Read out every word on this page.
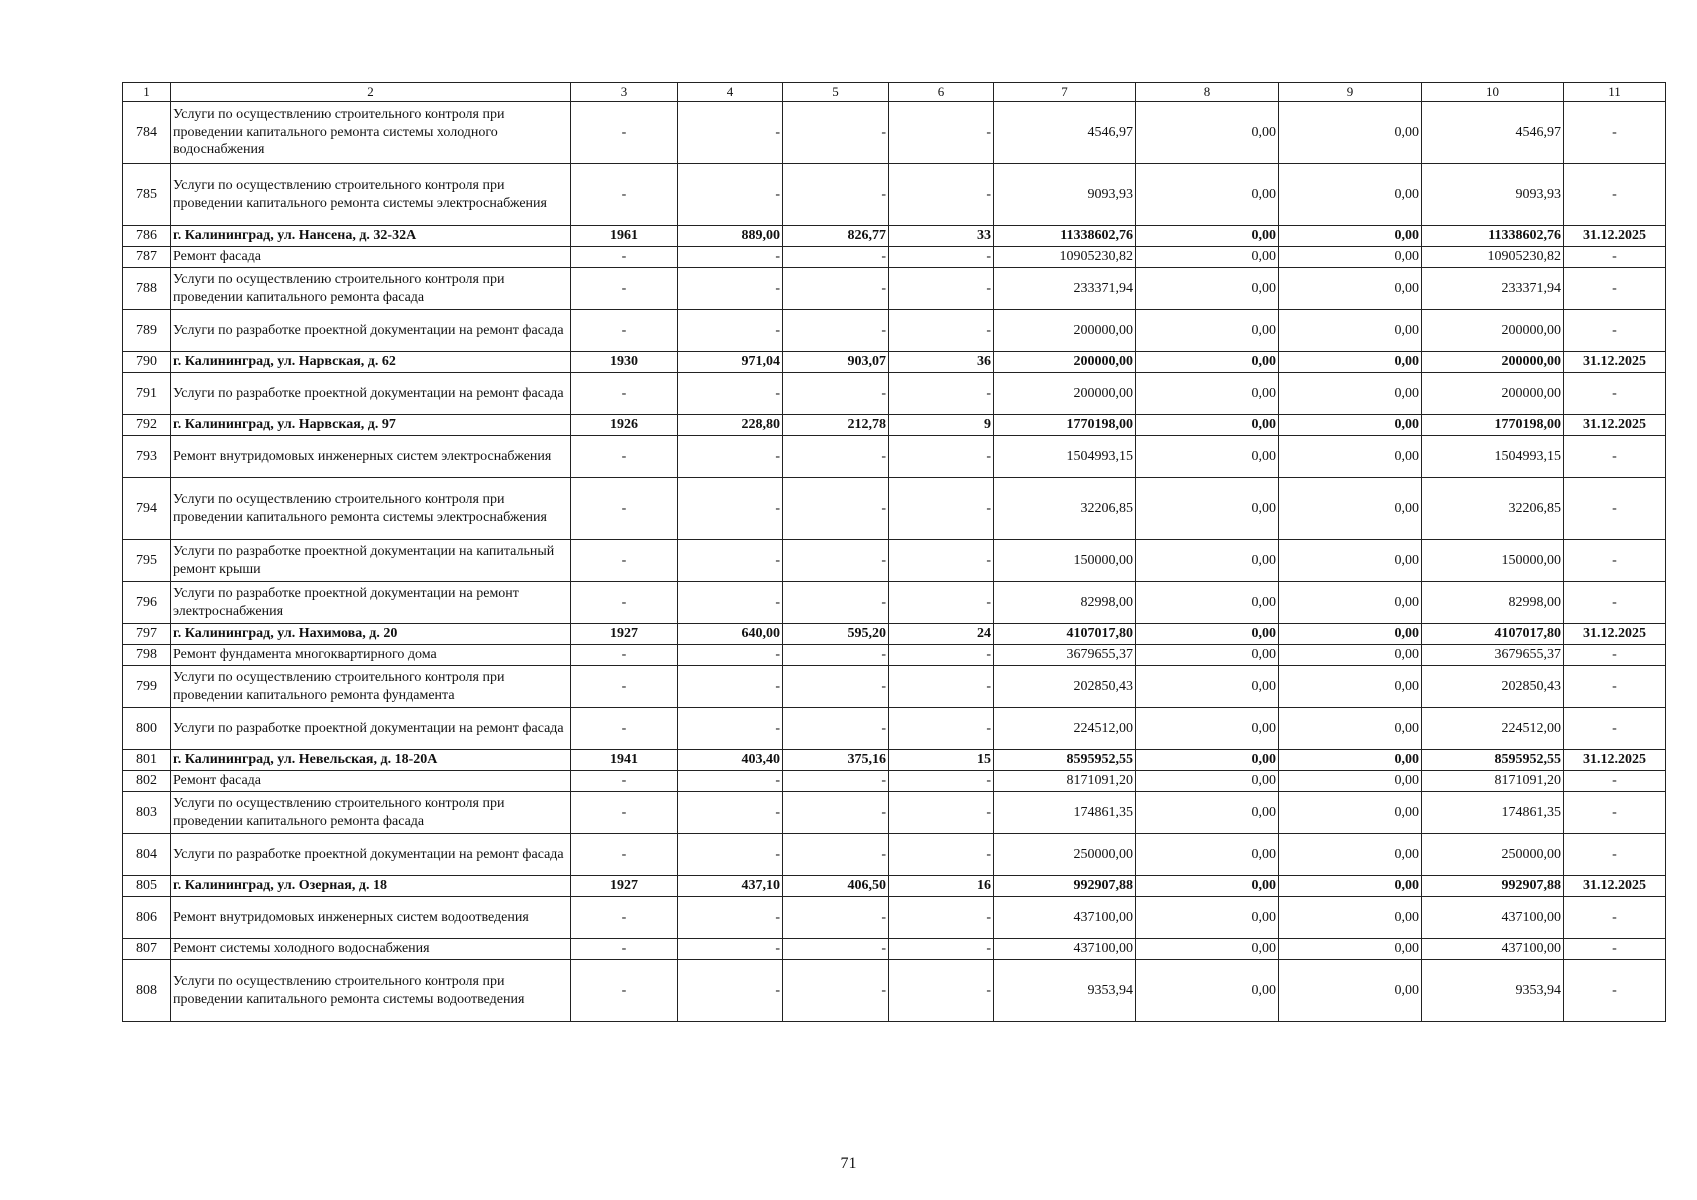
1	2	3	4	5	6	7	8	9	10	11
784	Услуги по осуществлению строительного контроля при проведении капитального ремонта системы холодного водоснабжения	-	-	-	-	4546,97	0,00	0,00	4546,97	-
785	Услуги по осуществлению строительного контроля при проведении капитального ремонта системы электроснабжения	-	-	-	-	9093,93	0,00	0,00	9093,93	-
786	г. Калининград, ул. Нансена, д. 32-32А	1961	889,00	826,77	33	11338602,76	0,00	0,00	11338602,76	31.12.2025
787	Ремонт фасада	-	-	-	-	10905230,82	0,00	0,00	10905230,82	-
788	Услуги по осуществлению строительного контроля при проведении капитального ремонта фасада	-	-	-	-	233371,94	0,00	0,00	233371,94	-
789	Услуги по разработке проектной документации на ремонт фасада	-	-	-	-	200000,00	0,00	0,00	200000,00	-
790	г. Калининград, ул. Нарвская, д. 62	1930	971,04	903,07	36	200000,00	0,00	0,00	200000,00	31.12.2025
791	Услуги по разработке проектной документации на ремонт фасада	-	-	-	-	200000,00	0,00	0,00	200000,00	-
792	г. Калининград, ул. Нарвская, д. 97	1926	228,80	212,78	9	1770198,00	0,00	0,00	1770198,00	31.12.2025
793	Ремонт внутридомовых инженерных систем электроснабжения	-	-	-	-	1504993,15	0,00	0,00	1504993,15	-
794	Услуги по осуществлению строительного контроля при проведении капитального ремонта системы электроснабжения	-	-	-	-	32206,85	0,00	0,00	32206,85	-
795	Услуги по разработке проектной документации на капитальный ремонт крыши	-	-	-	-	150000,00	0,00	0,00	150000,00	-
796	Услуги по разработке проектной документации на ремонт электроснабжения	-	-	-	-	82998,00	0,00	0,00	82998,00	-
797	г. Калининград, ул. Нахимова, д. 20	1927	640,00	595,20	24	4107017,80	0,00	0,00	4107017,80	31.12.2025
798	Ремонт фундамента многоквартирного дома	-	-	-	-	3679655,37	0,00	0,00	3679655,37	-
799	Услуги по осуществлению строительного контроля при проведении капитального ремонта фундамента	-	-	-	-	202850,43	0,00	0,00	202850,43	-
800	Услуги по разработке проектной документации на ремонт фасада	-	-	-	-	224512,00	0,00	0,00	224512,00	-
801	г. Калининград, ул. Невельская, д. 18-20А	1941	403,40	375,16	15	8595952,55	0,00	0,00	8595952,55	31.12.2025
802	Ремонт фасада	-	-	-	-	8171091,20	0,00	0,00	8171091,20	-
803	Услуги по осуществлению строительного контроля при проведении капитального ремонта фасада	-	-	-	-	174861,35	0,00	0,00	174861,35	-
804	Услуги по разработке проектной документации на ремонт фасада	-	-	-	-	250000,00	0,00	0,00	250000,00	-
805	г. Калининград, ул. Озерная, д. 18	1927	437,10	406,50	16	992907,88	0,00	0,00	992907,88	31.12.2025
806	Ремонт внутридомовых инженерных систем водоотведения	-	-	-	-	437100,00	0,00	0,00	437100,00	-
807	Ремонт системы холодного водоснабжения	-	-	-	-	437100,00	0,00	0,00	437100,00	-
808	Услуги по осуществлению строительного контроля при проведении капитального ремонта системы водоотведения	-	-	-	-	9353,94	0,00	0,00	9353,94	-
71
